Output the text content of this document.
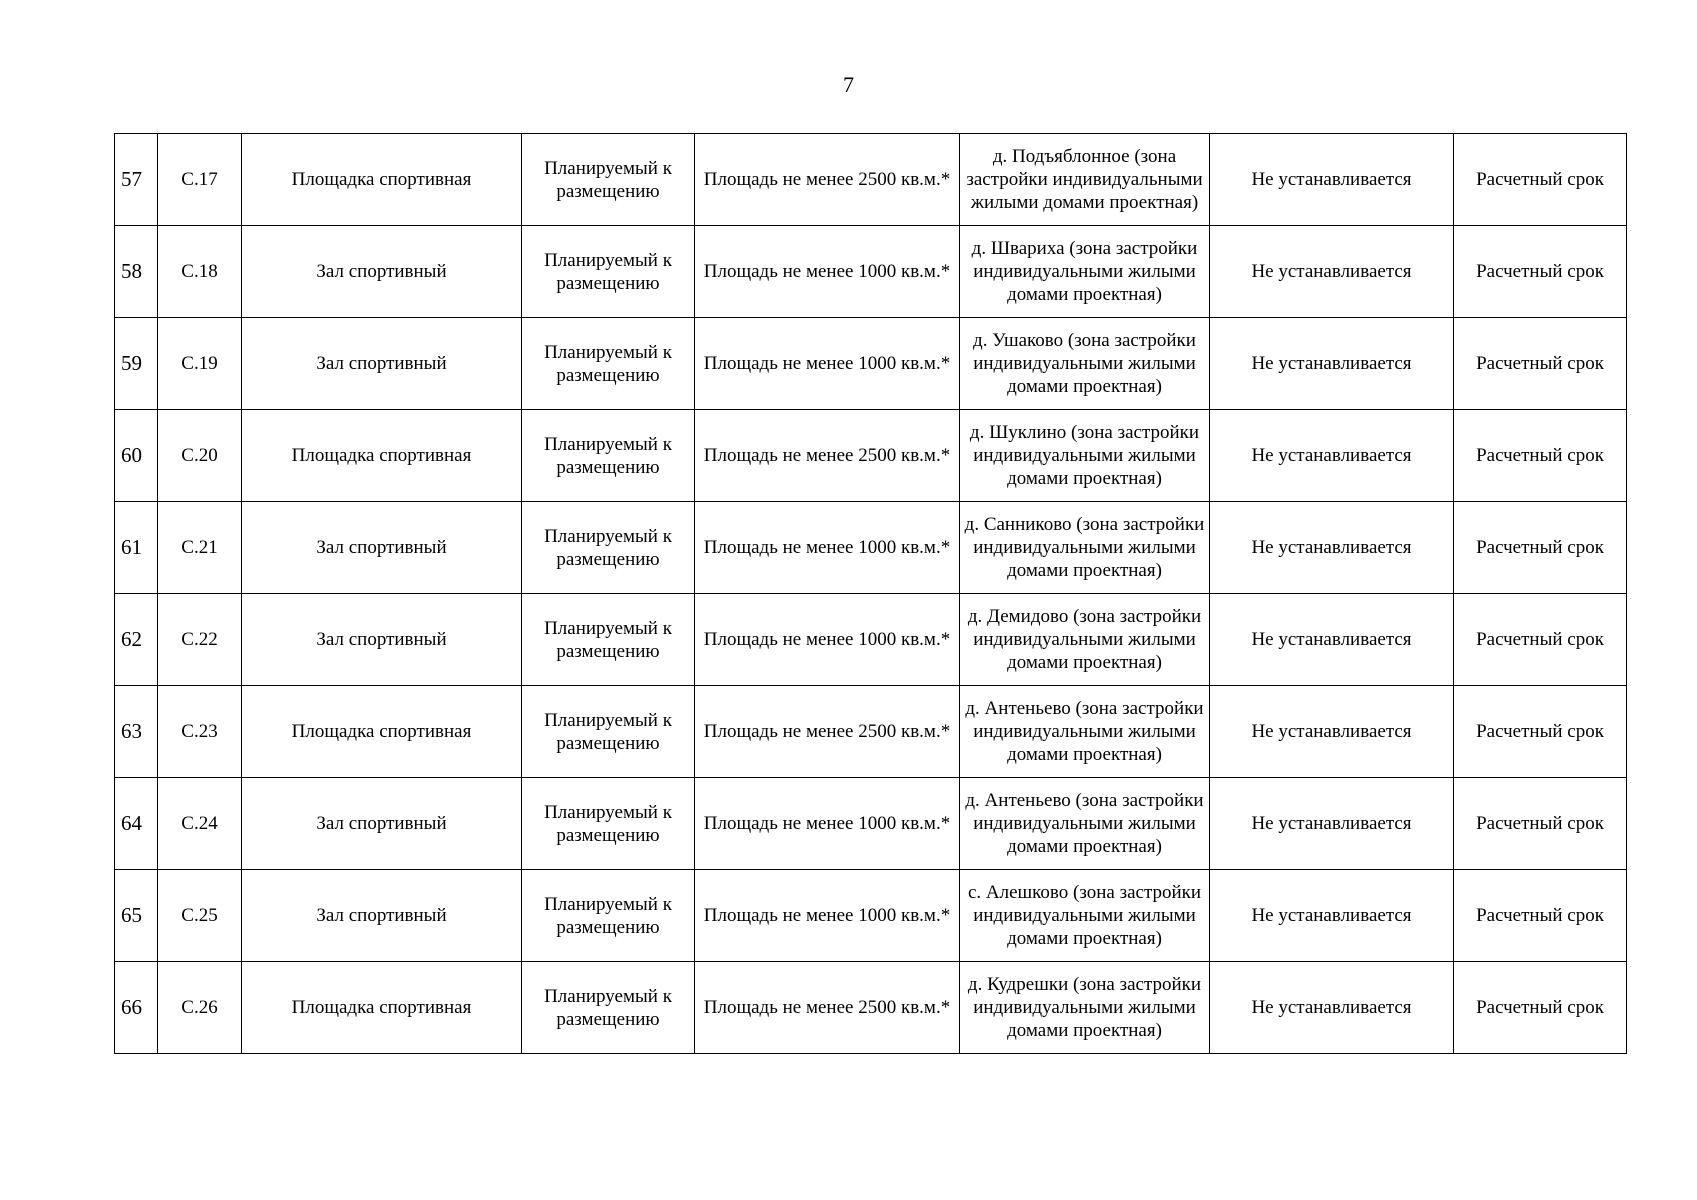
7
57	С.17	Площадка спортивная	Планируемый к размещению	Площадь не менее 2500 кв.м.*	д. Подъяблонное (зона застройки индивидуальными жилыми домами проектная)	Не устанавливается	Расчетный срок
58	С.18	Зал спортивный	Планируемый к размещению	Площадь не менее 1000 кв.м.*	д. Швариха (зона застройки индивидуальными жилыми домами проектная)	Не устанавливается	Расчетный срок
59	С.19	Зал спортивный	Планируемый к размещению	Площадь не менее 1000 кв.м.*	д. Ушаково (зона застройки индивидуальными жилыми домами проектная)	Не устанавливается	Расчетный срок
60	С.20	Площадка спортивная	Планируемый к размещению	Площадь не менее 2500 кв.м.*	д. Шуклино (зона застройки индивидуальными жилыми домами проектная)	Не устанавливается	Расчетный срок
61	С.21	Зал спортивный	Планируемый к размещению	Площадь не менее 1000 кв.м.*	д. Санниково (зона застройки индивидуальными жилыми домами проектная)	Не устанавливается	Расчетный срок
62	С.22	Зал спортивный	Планируемый к размещению	Площадь не менее 1000 кв.м.*	д. Демидово (зона застройки индивидуальными жилыми домами проектная)	Не устанавливается	Расчетный срок
63	С.23	Площадка спортивная	Планируемый к размещению	Площадь не менее 2500 кв.м.*	д. Антеньево (зона застройки индивидуальными жилыми домами проектная)	Не устанавливается	Расчетный срок
64	С.24	Зал спортивный	Планируемый к размещению	Площадь не менее 1000 кв.м.*	д. Антеньево (зона застройки индивидуальными жилыми домами проектная)	Не устанавливается	Расчетный срок
65	С.25	Зал спортивный	Планируемый к размещению	Площадь не менее 1000 кв.м.*	с. Алешково (зона застройки индивидуальными жилыми домами проектная)	Не устанавливается	Расчетный срок
66	С.26	Площадка спортивная	Планируемый к размещению	Площадь не менее 2500 кв.м.*	д. Кудрешки (зона застройки индивидуальными жилыми домами проектная)	Не устанавливается	Расчетный срок
